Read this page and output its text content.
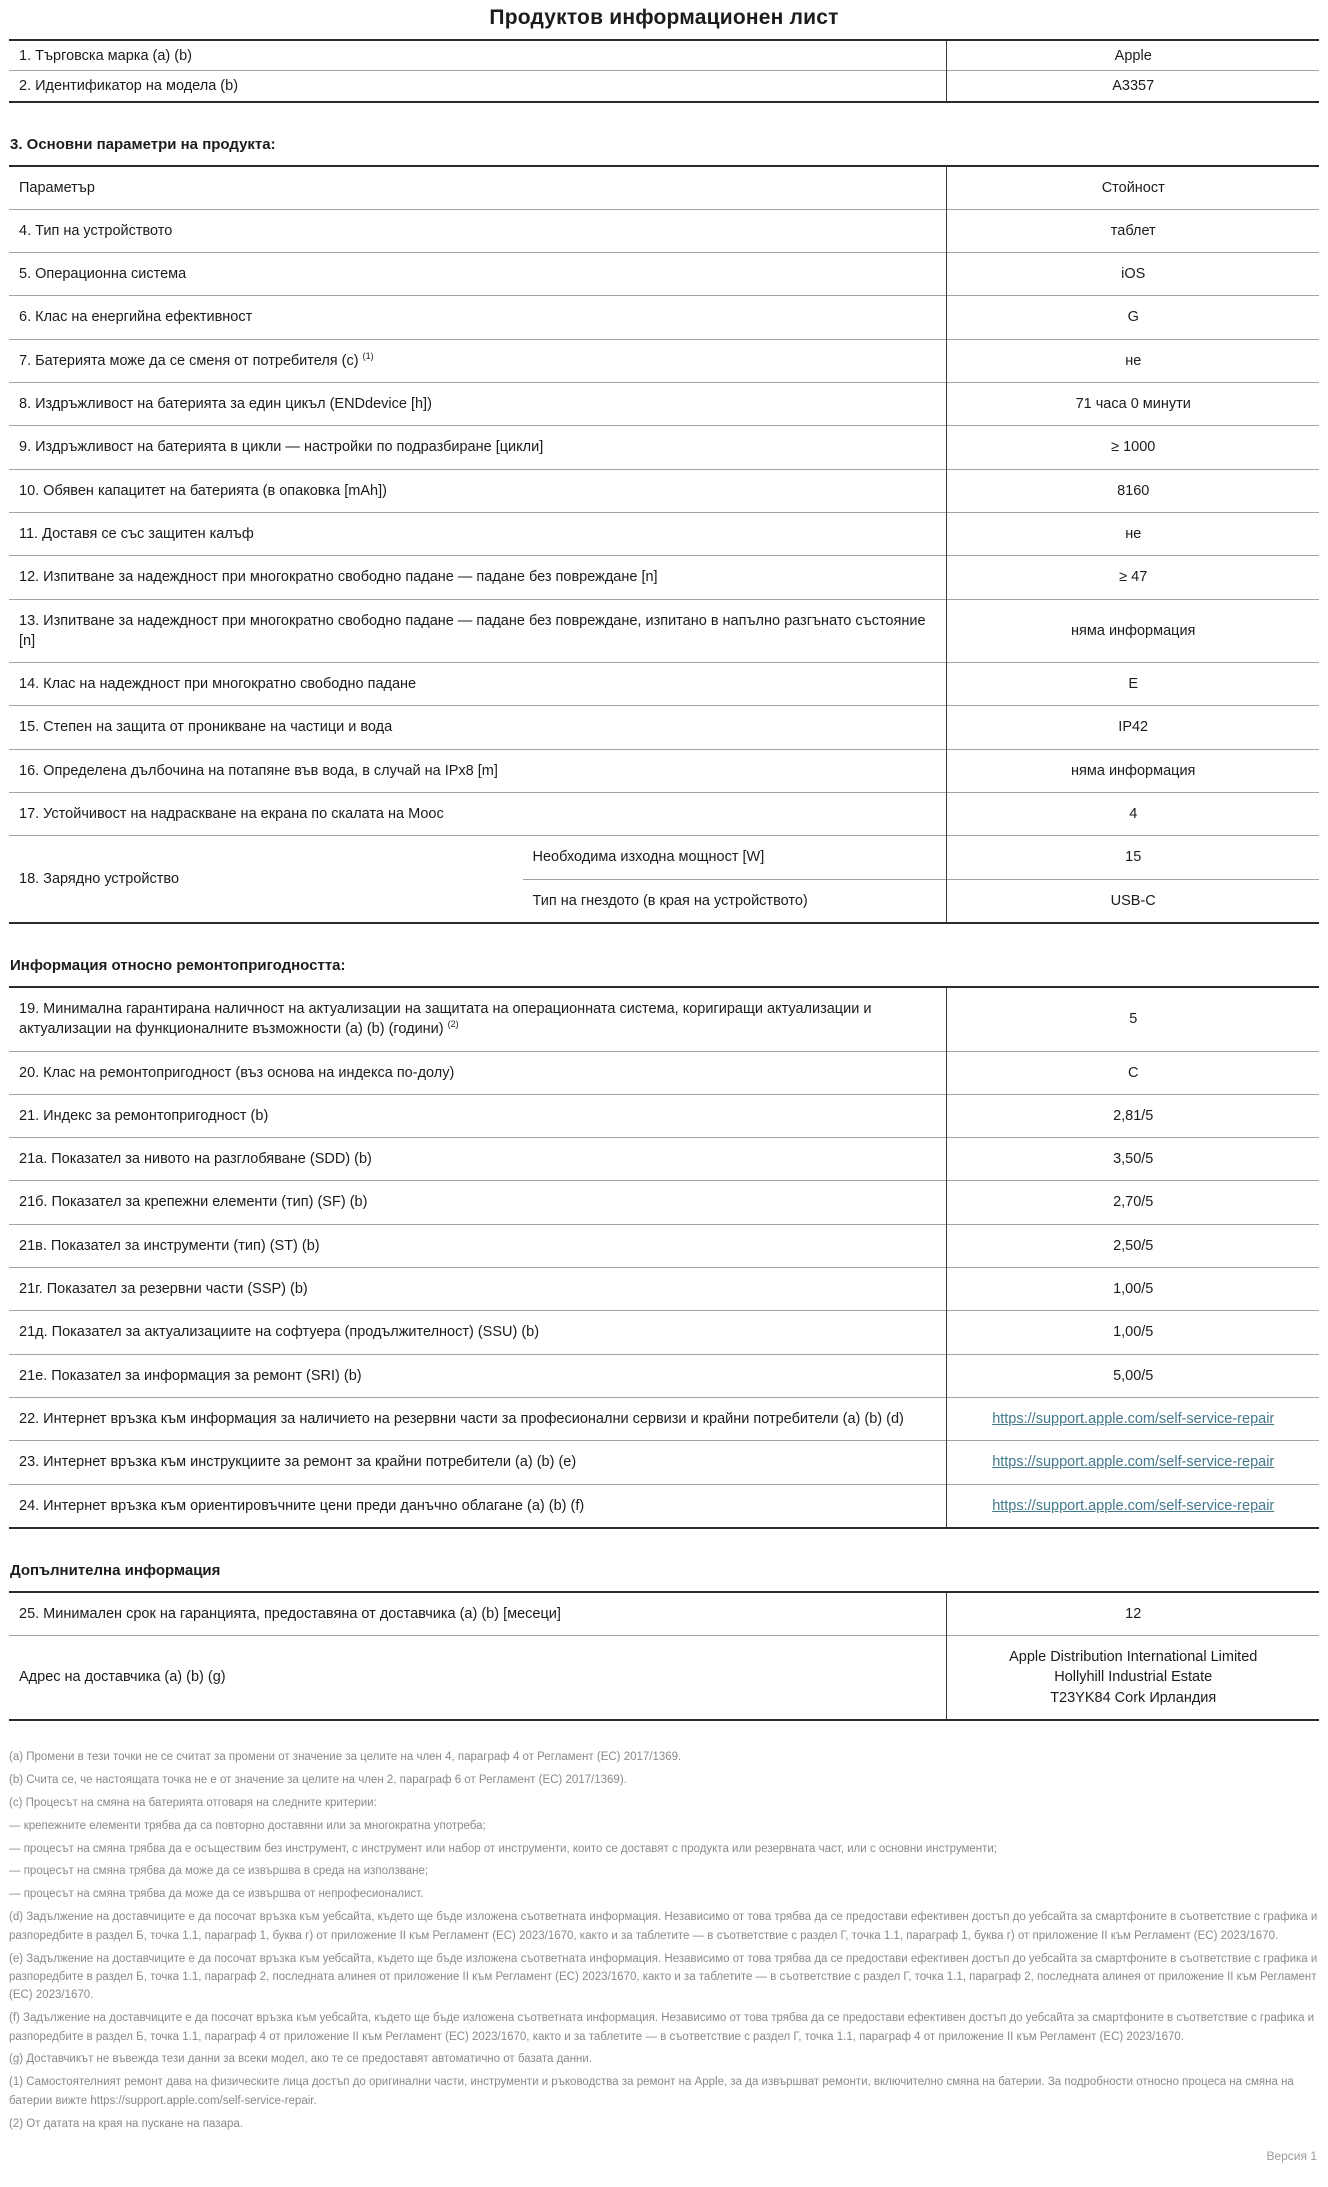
Продуктов информационен лист
1. Търговска марка (a) (b)	Apple
2. Идентификатор на модела (b)	A3357
3. Основни параметри на продукта:
Параметър		Стойност
4. Тип на устройството		таблет
5. Операционна система		iOS
6. Клас на енергийна ефективност		G
7. Батерията може да се сменя от потребителя (c) $^{(1)}$		не
8. Издръжливост на батерията за един цикъл (ENDdevice [h])		71 часа 0 минути
9. Издръжливост на батерията в цикли — настройки по подразбиране [цикли]		≥ 1000
10. Обявен капацитет на батерията (в опаковка [mAh])		8160
11. Доставя се със защитен калъф		не
12. Изпитване за надеждност при многократно свободно падане — падане без повреждане [n]		≥ 47
13. Изпитване за надеждност при многократно свободно падане — падане без повреждане, изпитано в напълно разгънато състояние [n]		няма информация
14. Клас на надеждност при многократно свободно падане		E
15. Степен на защита от проникване на частици и вода		IP42
16. Определена дълбочина на потапяне във вода, в случай на IPx8 [m]		няма информация
17. Устойчивост на надраскване на екрана по скалата на Моос		4
18. Зарядно устройство	Необходима изходна мощност [W]	15
	Тип на гнездото (в края на устройството)	USB-C
Информация относно ремонтопригодността:
19. Минимална гарантирана наличност на актуализации на защитата на операционната система, коригиращи актуализации и актуализации на функционалните възможности (a) (b) (години) $^{(2)}$	5
20. Клас на ремонтопригодност (въз основа на индекса по-долу)	C
21. Индекс за ремонтопригодност (b)	2,81/5
21а. Показател за нивото на разглобяване (SDD) (b)	3,50/5
21б. Показател за крепежни елементи (тип) (SF) (b)	2,70/5
21в. Показател за инструменти (тип) (ST) (b)	2,50/5
21г. Показател за резервни части (SSP) (b)	1,00/5
21д. Показател за актуализациите на софтуера (продължителност) (SSU) (b)	1,00/5
21е. Показател за информация за ремонт (SRI) (b)	5,00/5
22. Интернет връзка към информация за наличието на резервни части за професионални сервизи и крайни потребители (a) (b) (d)	https://support.apple.com/self-service-repair
23. Интернет връзка към инструкциите за ремонт за крайни потребители (a) (b) (e)	https://support.apple.com/self-service-repair
24. Интернет връзка към ориентировъчните цени преди данъчно облагане (a) (b) (f)	https://support.apple.com/self-service-repair
Допълнителна информация
25. Минимален срок на гаранцията, предоставяна от доставчика (a) (b) [месеци]	12
Адрес на доставчика (a) (b) (g)	Apple Distribution International Limited
Hollyhill Industrial Estate
T23YK84 Cork Ирландия

(a) Промени в тези точки не се считат за промени от значение за целите на член 4, параграф 4 от Регламент (ЕС) 2017/1369.

(b) Счита се, че настоящата точка не е от значение за целите на член 2, параграф 6 от Регламент (ЕС) 2017/1369).

(c) Процесът на смяна на батерията отговаря на следните критерии:

— крепежните елементи трябва да са повторно доставяни или за многократна употреба;

— процесът на смяна трябва да е осъществим без инструмент, с инструмент или набор от инструменти, които се доставят с продукта или резервната част, или с основни инструменти;

— процесът на смяна трябва да може да се извършва в среда на използване;

— процесът на смяна трябва да може да се извършва от непрофесионалист.

(d) Задължение на доставчиците е да посочат връзка към уебсайта, където ще бъде изложена съответната информация. Независимо от това трябва да се предостави ефективен достъп до уебсайта за смартфоните в съответствие с графика и разпоредбите в раздел Б, точка 1.1, параграф 1, буква г) от приложение II към Регламент (ЕС) 2023/1670, както и за таблетите — в съответствие с раздел Г, точка 1.1, параграф 1, буква г) от приложение II към Регламент (ЕС) 2023/1670.

(e) Задължение на доставчиците е да посочат връзка към уебсайта, където ще бъде изложена съответната информация. Независимо от това трябва да се предостави ефективен достъп до уебсайта за смартфоните в съответствие с графика и разпоредбите в раздел Б, точка 1.1, параграф 2, последната алинея от приложение II към Регламент (ЕС) 2023/1670, както и за таблетите — в съответствие с раздел Г, точка 1.1, параграф 2, последната алинея от приложение II към Регламент (ЕС) 2023/1670.

(f) Задължение на доставчиците е да посочат връзка към уебсайта, където ще бъде изложена съответната информация. Независимо от това трябва да се предостави ефективен достъп до уебсайта за смартфоните в съответствие с графика и разпоредбите в раздел Б, точка 1.1, параграф 4 от приложение II към Регламент (ЕС) 2023/1670, както и за таблетите — в съответствие с раздел Г, точка 1.1, параграф 4 от приложение II към Регламент (ЕС) 2023/1670.

(g) Доставчикът не въвежда тези данни за всеки модел, ако те се предоставят автоматично от базата данни.

(1) Самостоятелният ремонт дава на физическите лица достъп до оригинални части, инструменти и ръководства за ремонт на Apple, за да извършват ремонти, включително смяна на батерии. За подробности относно процеса на смяна на батерии вижте https://support.apple.com/self-service-repair.

(2) От датата на края на пускане на пазара.

Версия 1
